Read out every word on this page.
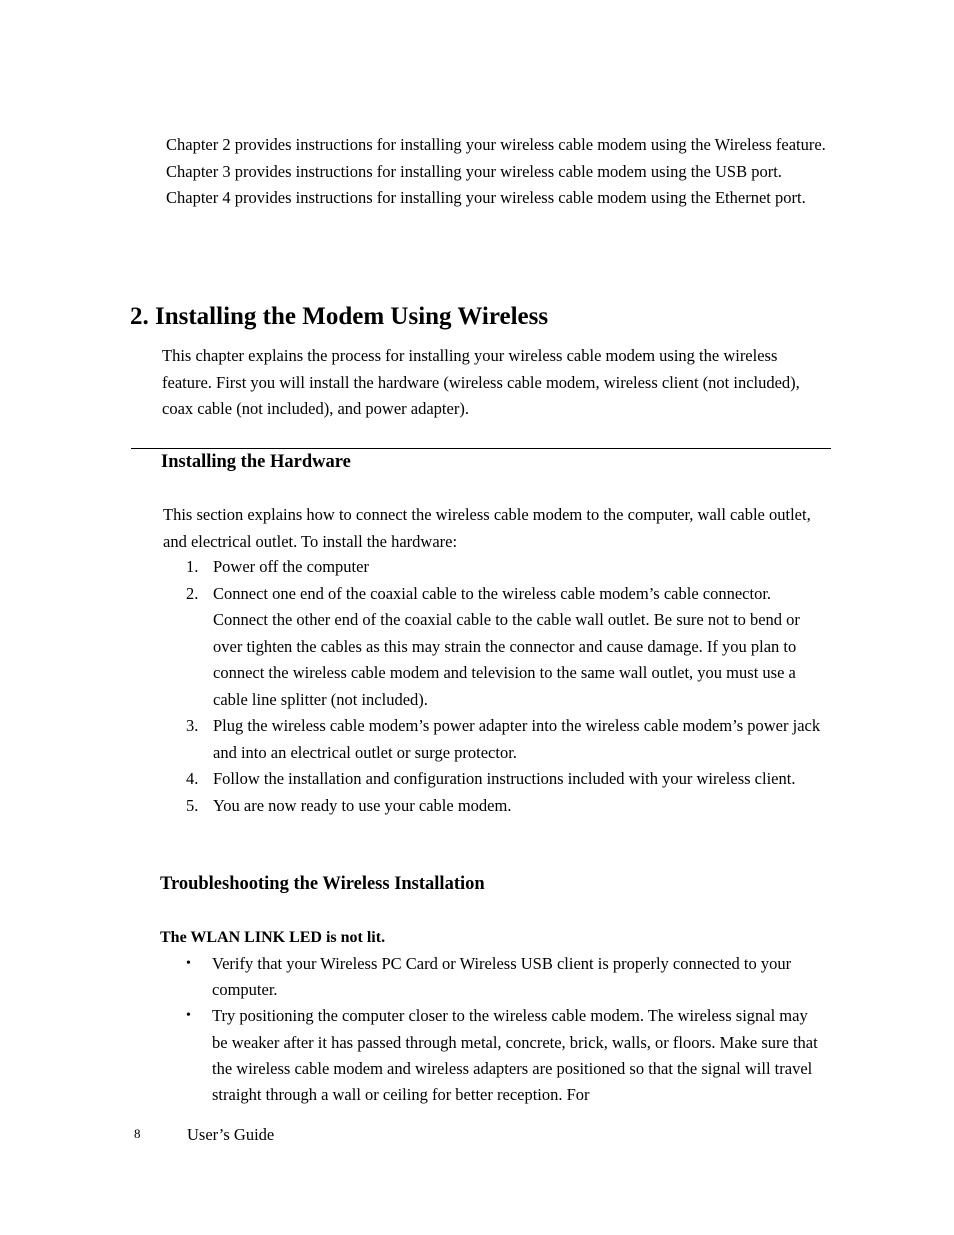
Chapter 2 provides instructions for installing your wireless cable modem using the Wireless feature.

Chapter 3 provides instructions for installing your wireless cable modem using the USB port.

Chapter 4 provides instructions for installing your wireless cable modem using the Ethernet port.

2. Installing the Modem Using Wireless

This chapter explains the process for installing your wireless cable modem using the wireless feature. First you will install the hardware (wireless cable modem, wireless client (not included), coax cable (not included), and power adapter).

Installing the Hardware

This section explains how to connect the wireless cable modem to the computer, wall cable outlet, and electrical outlet. To install the hardware:

1. Power off the computer
2. Connect one end of the coaxial cable to the wireless cable modem’s cable connector. Connect the other end of the coaxial cable to the cable wall outlet. Be sure not to bend or over tighten the cables as this may strain the connector and cause damage. If you plan to connect the wireless cable modem and television to the same wall outlet, you must use a cable line splitter (not included).
3. Plug the wireless cable modem’s power adapter into the wireless cable modem’s power jack and into an electrical outlet or surge protector.
4. Follow the installation and configuration instructions included with your wireless client.
5. You are now ready to use your cable modem.
Troubleshooting the Wireless Installation
The WLAN LINK LED is not lit.
• Verify that your Wireless PC Card or Wireless USB client is properly connected to your computer.
• Try positioning the computer closer to the wireless cable modem. The wireless signal may be weaker after it has passed through metal, concrete, brick, walls, or floors. Make sure that the wireless cable modem and wireless adapters are positioned so that the signal will travel straight through a wall or ceiling for better reception. For
8	User’s Guide
